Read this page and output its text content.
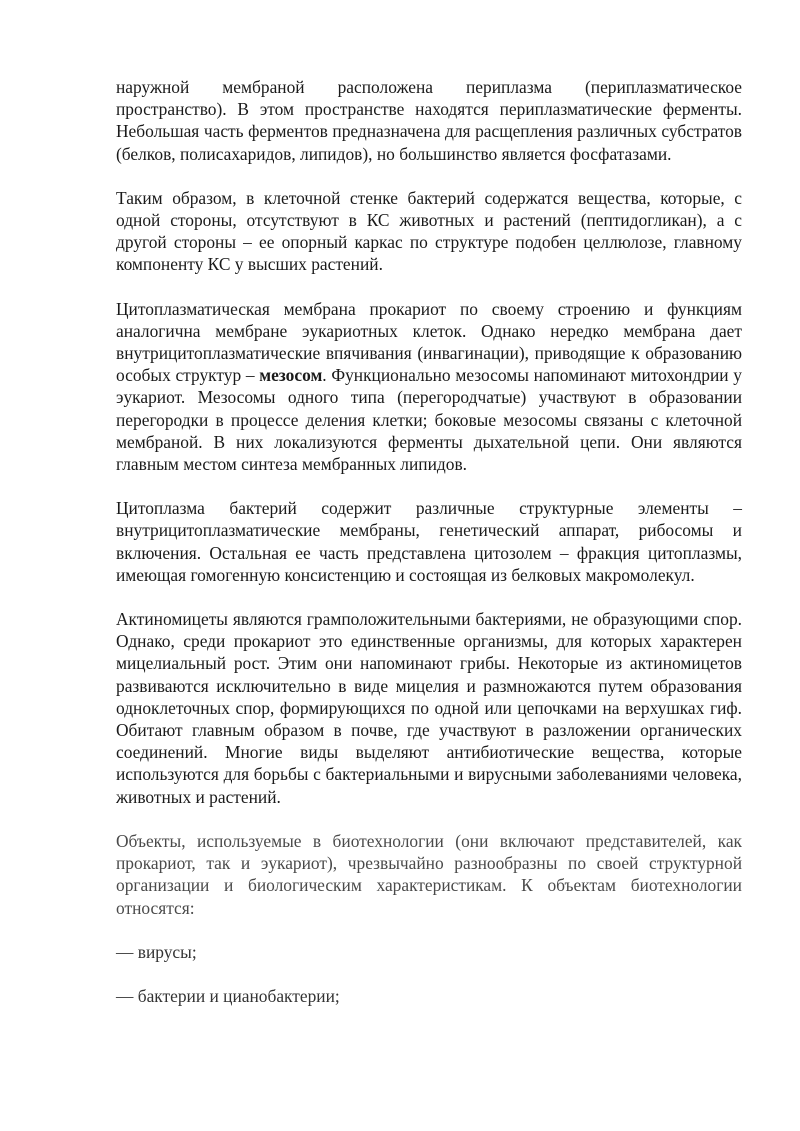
наружной мембраной расположена периплазма (периплазматическое пространство). В этом пространстве находятся периплазматические ферменты. Небольшая часть ферментов предназначена для расщепления различных субстратов (белков, полисахаридов, липидов), но большинство является фосфатазами.

Таким образом, в клеточной стенке бактерий содержатся вещества, которые, с одной стороны, отсутствуют в КС животных и растений (пептидогликан), а с другой стороны – ее опорный каркас по структуре подобен целлюлозе, главному компоненту КС у высших растений.

Цитоплазматическая мембрана прокариот по своему строению и функциям аналогична мембране эукариотных клеток. Однако нередко мембрана дает внутрицитоплазматические впячивания (инвагинации), приводящие к образованию особых структур – мезосом. Функционально мезосомы напоминают митохондрии у эукариот. Мезосомы одного типа (перегородчатые) участвуют в образовании перегородки в процессе деления клетки; боковые мезосомы связаны с клеточной мембраной. В них локализуются ферменты дыхательной цепи. Они являются главным местом синтеза мембранных липидов.

Цитоплазма бактерий содержит различные структурные элементы – внутрицитоплазматические мембраны, генетический аппарат, рибосомы и включения. Остальная ее часть представлена цитозолем – фракция цитоплазмы, имеющая гомогенную консистенцию и состоящая из белковых макромолекул.

Актиномицеты являются грамположительными бактериями, не образующими спор. Однако, среди прокариот это единственные организмы, для которых характерен мицелиальный рост. Этим они напоминают грибы. Некоторые из актиномицетов развиваются исключительно в виде мицелия и размножаются путем образования одноклеточных спор, формирующихся по одной или цепочками на верхушках гиф. Обитают главным образом в почве, где участвуют в разложении органических соединений. Многие виды выделяют антибиотические вещества, которые используются для борьбы с бактериальными и вирусными заболеваниями человека, животных и растений.

Объекты, используемые в биотехнологии (они включают представителей, как прокариот, так и эукариот), чрезвычайно разнообразны по своей структурной организации и биологическим характеристикам. К объектам биотехнологии относятся:

— вирусы;

— бактерии и цианобактерии;
